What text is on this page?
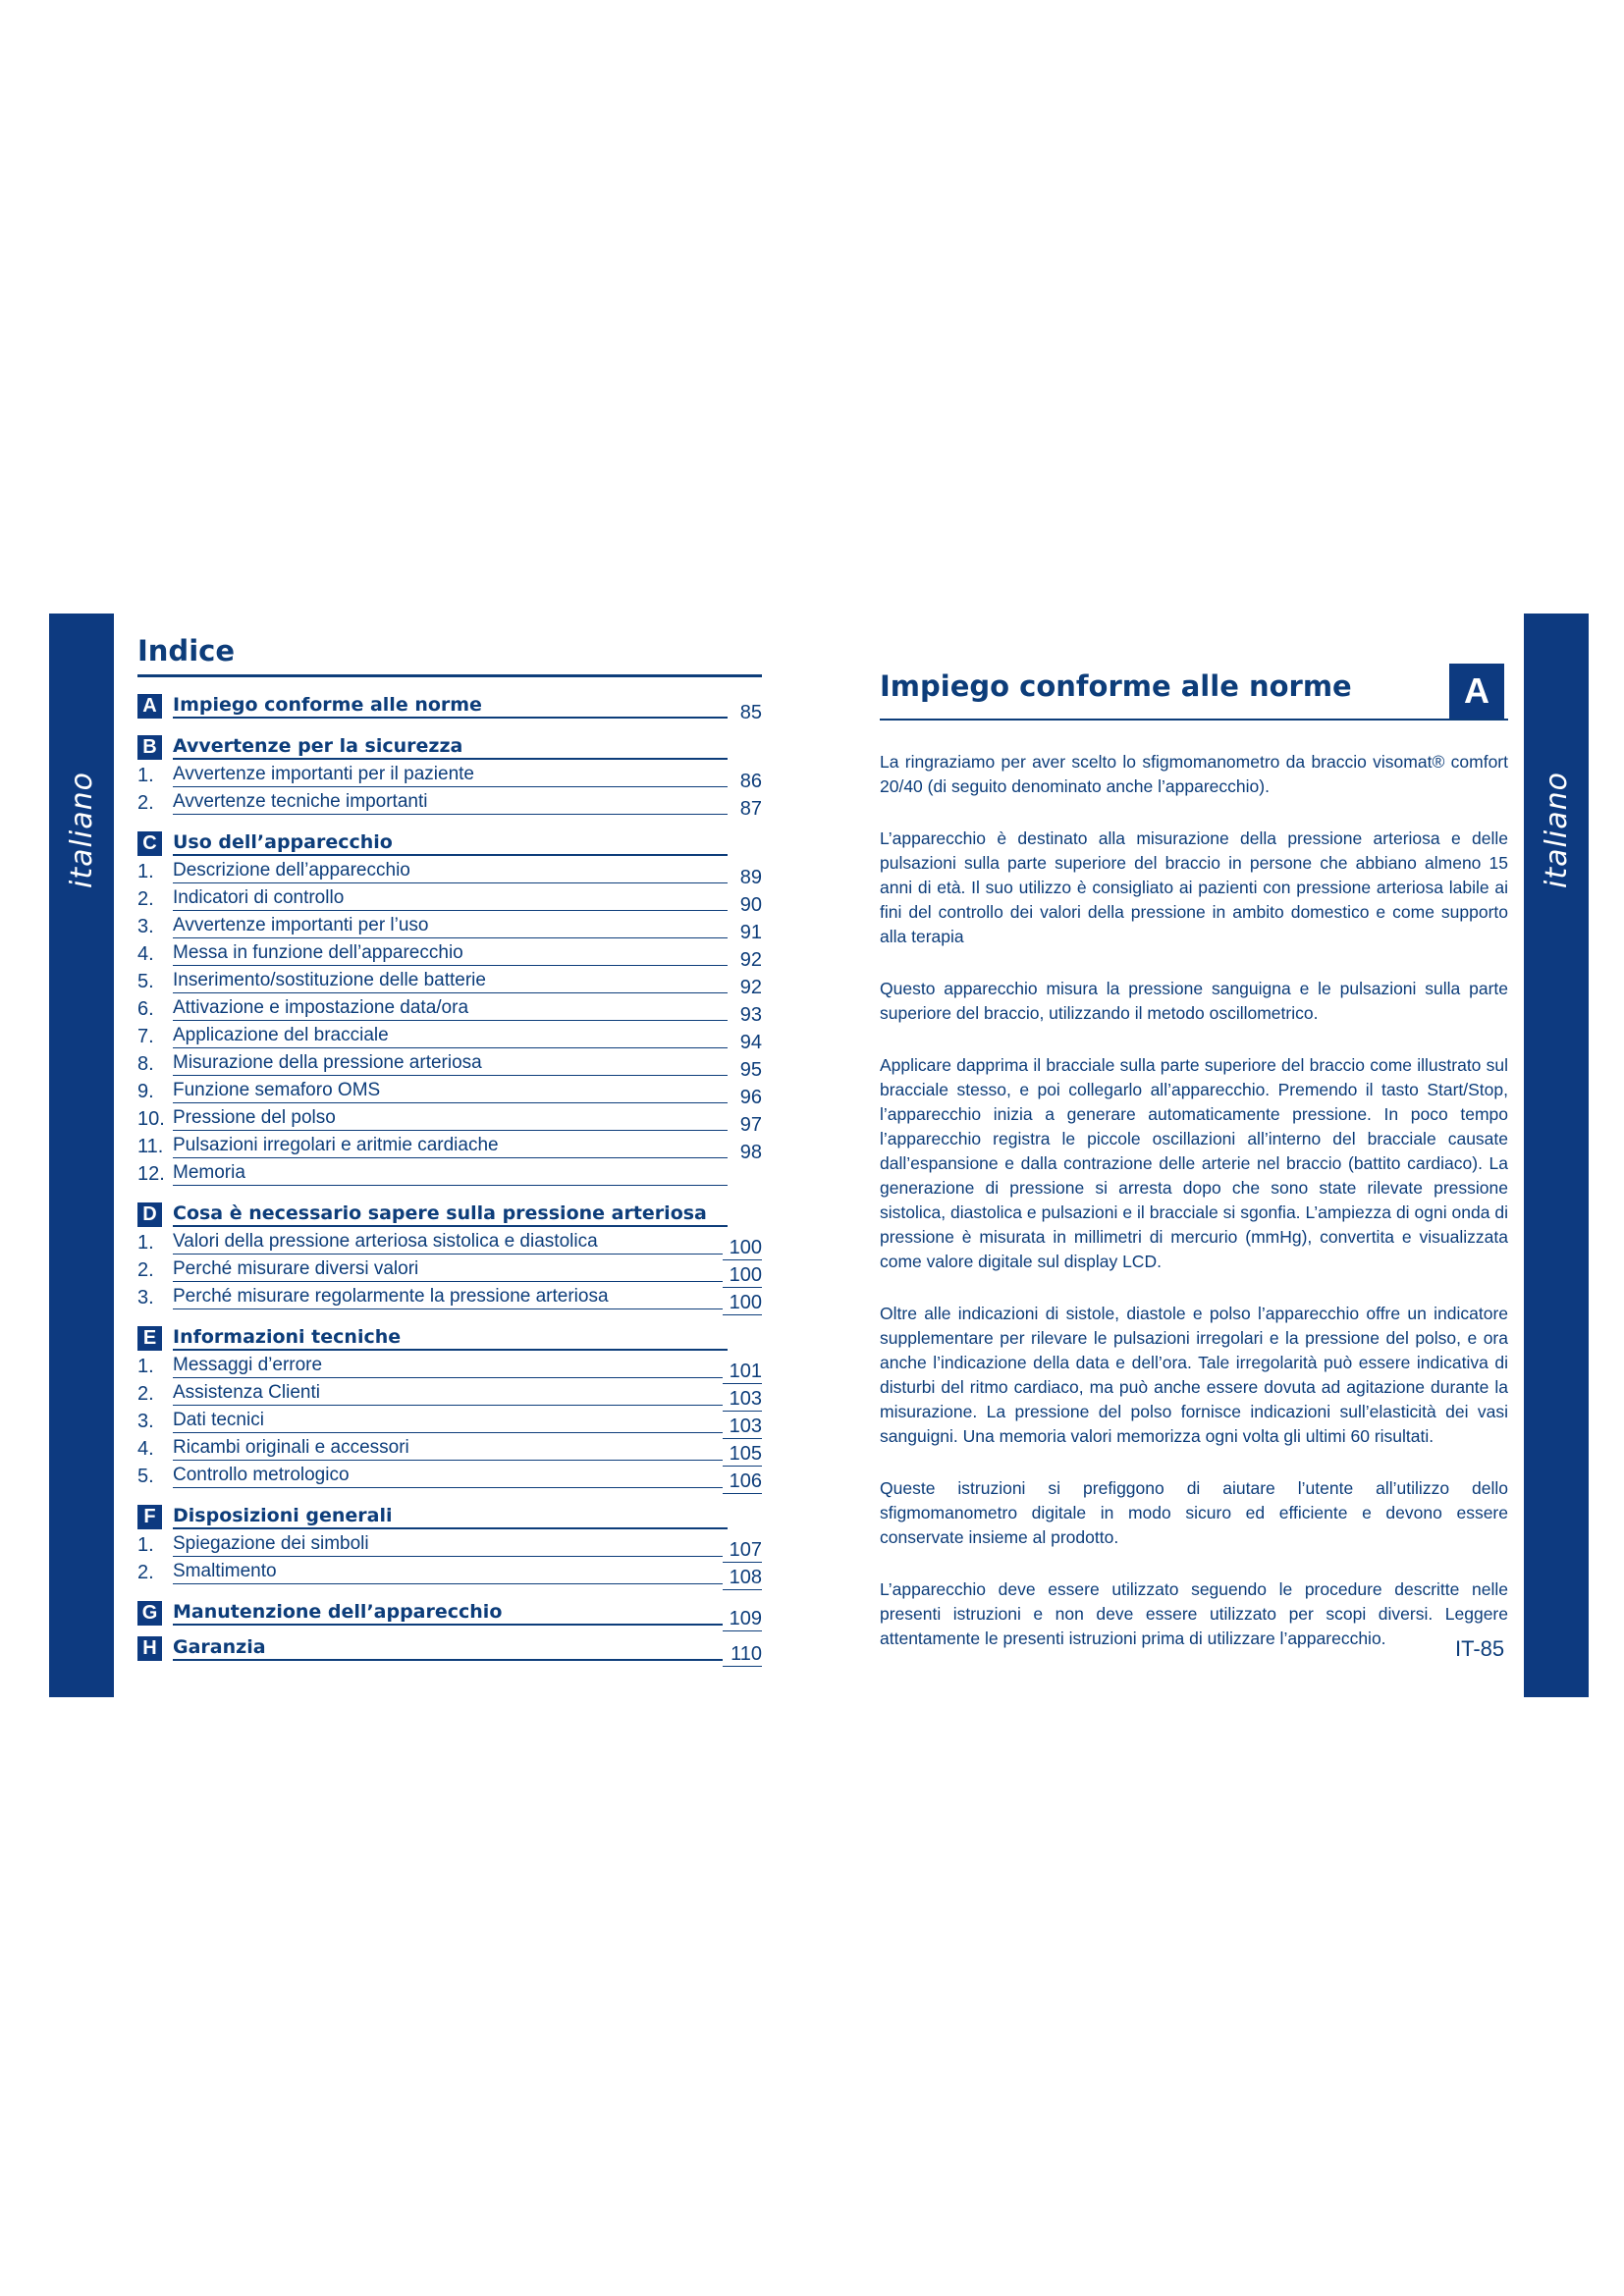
italiano	italiano
Indice
A Impiego conforme alle norme	85
B Avvertenze per la sicurezza
1.	Avvertenze importanti per il paziente	86
2.	Avvertenze tecniche importanti	87
C Uso dell’apparecchio
1.	Descrizione dell’apparecchio	89
2.	Indicatori di controllo	90
3.	Avvertenze importanti per l’uso	91
4.	Messa in funzione dell’apparecchio	92
5.	Inserimento/sostituzione delle batterie	92
6.	Attivazione e impostazione data/ora	93
7.	Applicazione del bracciale	94
8.	Misurazione della pressione arteriosa	95
9.	Funzione semaforo OMS	96
10. Pressione del polso	97
11. Pulsazioni irregolari e aritmie cardiache	98
12. Memoria
D Cosa è necessario sapere sulla pressione arteriosa
1.	Valori della pressione arteriosa sistolica e diastolica	100
2.	Perché misurare diversi valori	100
3.	Perché misurare regolarmente la pressione arteriosa	100
E Informazioni tecniche
1.	Messaggi d’errore	101
2.	Assistenza Clienti	103
3.	Dati tecnici	103
4.	Ricambi originali e accessori	105
5.	Controllo metrologico	106
F Disposizioni generali
1.	Spiegazione dei simboli	107
2.	Smaltimento	108
G Manutenzione dell’apparecchio	109
H Garanzia	110
Impiego conforme alle norme	A

La ringraziamo per aver scelto lo sfigmomanometro da braccio visomat® comfort 20/40 (di seguito denominato anche l’apparecchio).

L’apparecchio è destinato alla misurazione della pressione arteriosa e delle pulsazioni sulla parte superiore del braccio in persone che abbiano almeno 15 anni di età. Il suo utilizzo è consigliato ai pazienti con pressione arteriosa labile ai fini del controllo dei valori della pressione in ambito domestico e come supporto alla terapia

Questo apparecchio misura la pressione sanguigna e le pulsazioni sulla parte superiore del braccio, utilizzando il metodo oscillometrico.

Applicare dapprima il bracciale sulla parte superiore del braccio come illustrato sul bracciale stesso, e poi collegarlo all’apparecchio. Premendo il tasto Start/Stop, l’apparecchio inizia a generare automaticamente pressione. In poco tempo l’apparecchio registra le piccole oscillazioni all’interno del bracciale causate dall’espansione e dalla contrazione delle arterie nel braccio (battito cardiaco). La generazione di pressione si arresta dopo che sono state rilevate pressione sistolica, diastolica e pulsazioni e il bracciale si sgonfia. L’ampiezza di ogni onda di pressione è misurata in millimetri di mercurio (mmHg), convertita e visualizzata come valore digitale sul display LCD.

Oltre alle indicazioni di sistole, diastole e polso l’apparecchio offre un indicatore supplementare per rilevare le pulsazioni irregolari e la pressione del polso, e ora anche l’indicazione della data e dell’ora. Tale irregolarità può essere indicativa di disturbi del ritmo cardiaco, ma può anche essere dovuta ad agitazione durante la misurazione. La pressione del polso fornisce indicazioni sull’elasticità dei vasi sanguigni. Una memoria valori memorizza ogni volta gli ultimi 60 risultati.

Queste istruzioni si prefiggono di aiutare l’utente all’utilizzo dello sfigmomanometro digitale in modo sicuro ed efficiente e devono essere conservate insieme al prodotto.

L’apparecchio deve essere utilizzato seguendo le procedure descritte nelle presenti istruzioni e non deve essere utilizzato per scopi diversi. Leggere attentamente le presenti istruzioni prima di utilizzare l’apparecchio.	IT-85
